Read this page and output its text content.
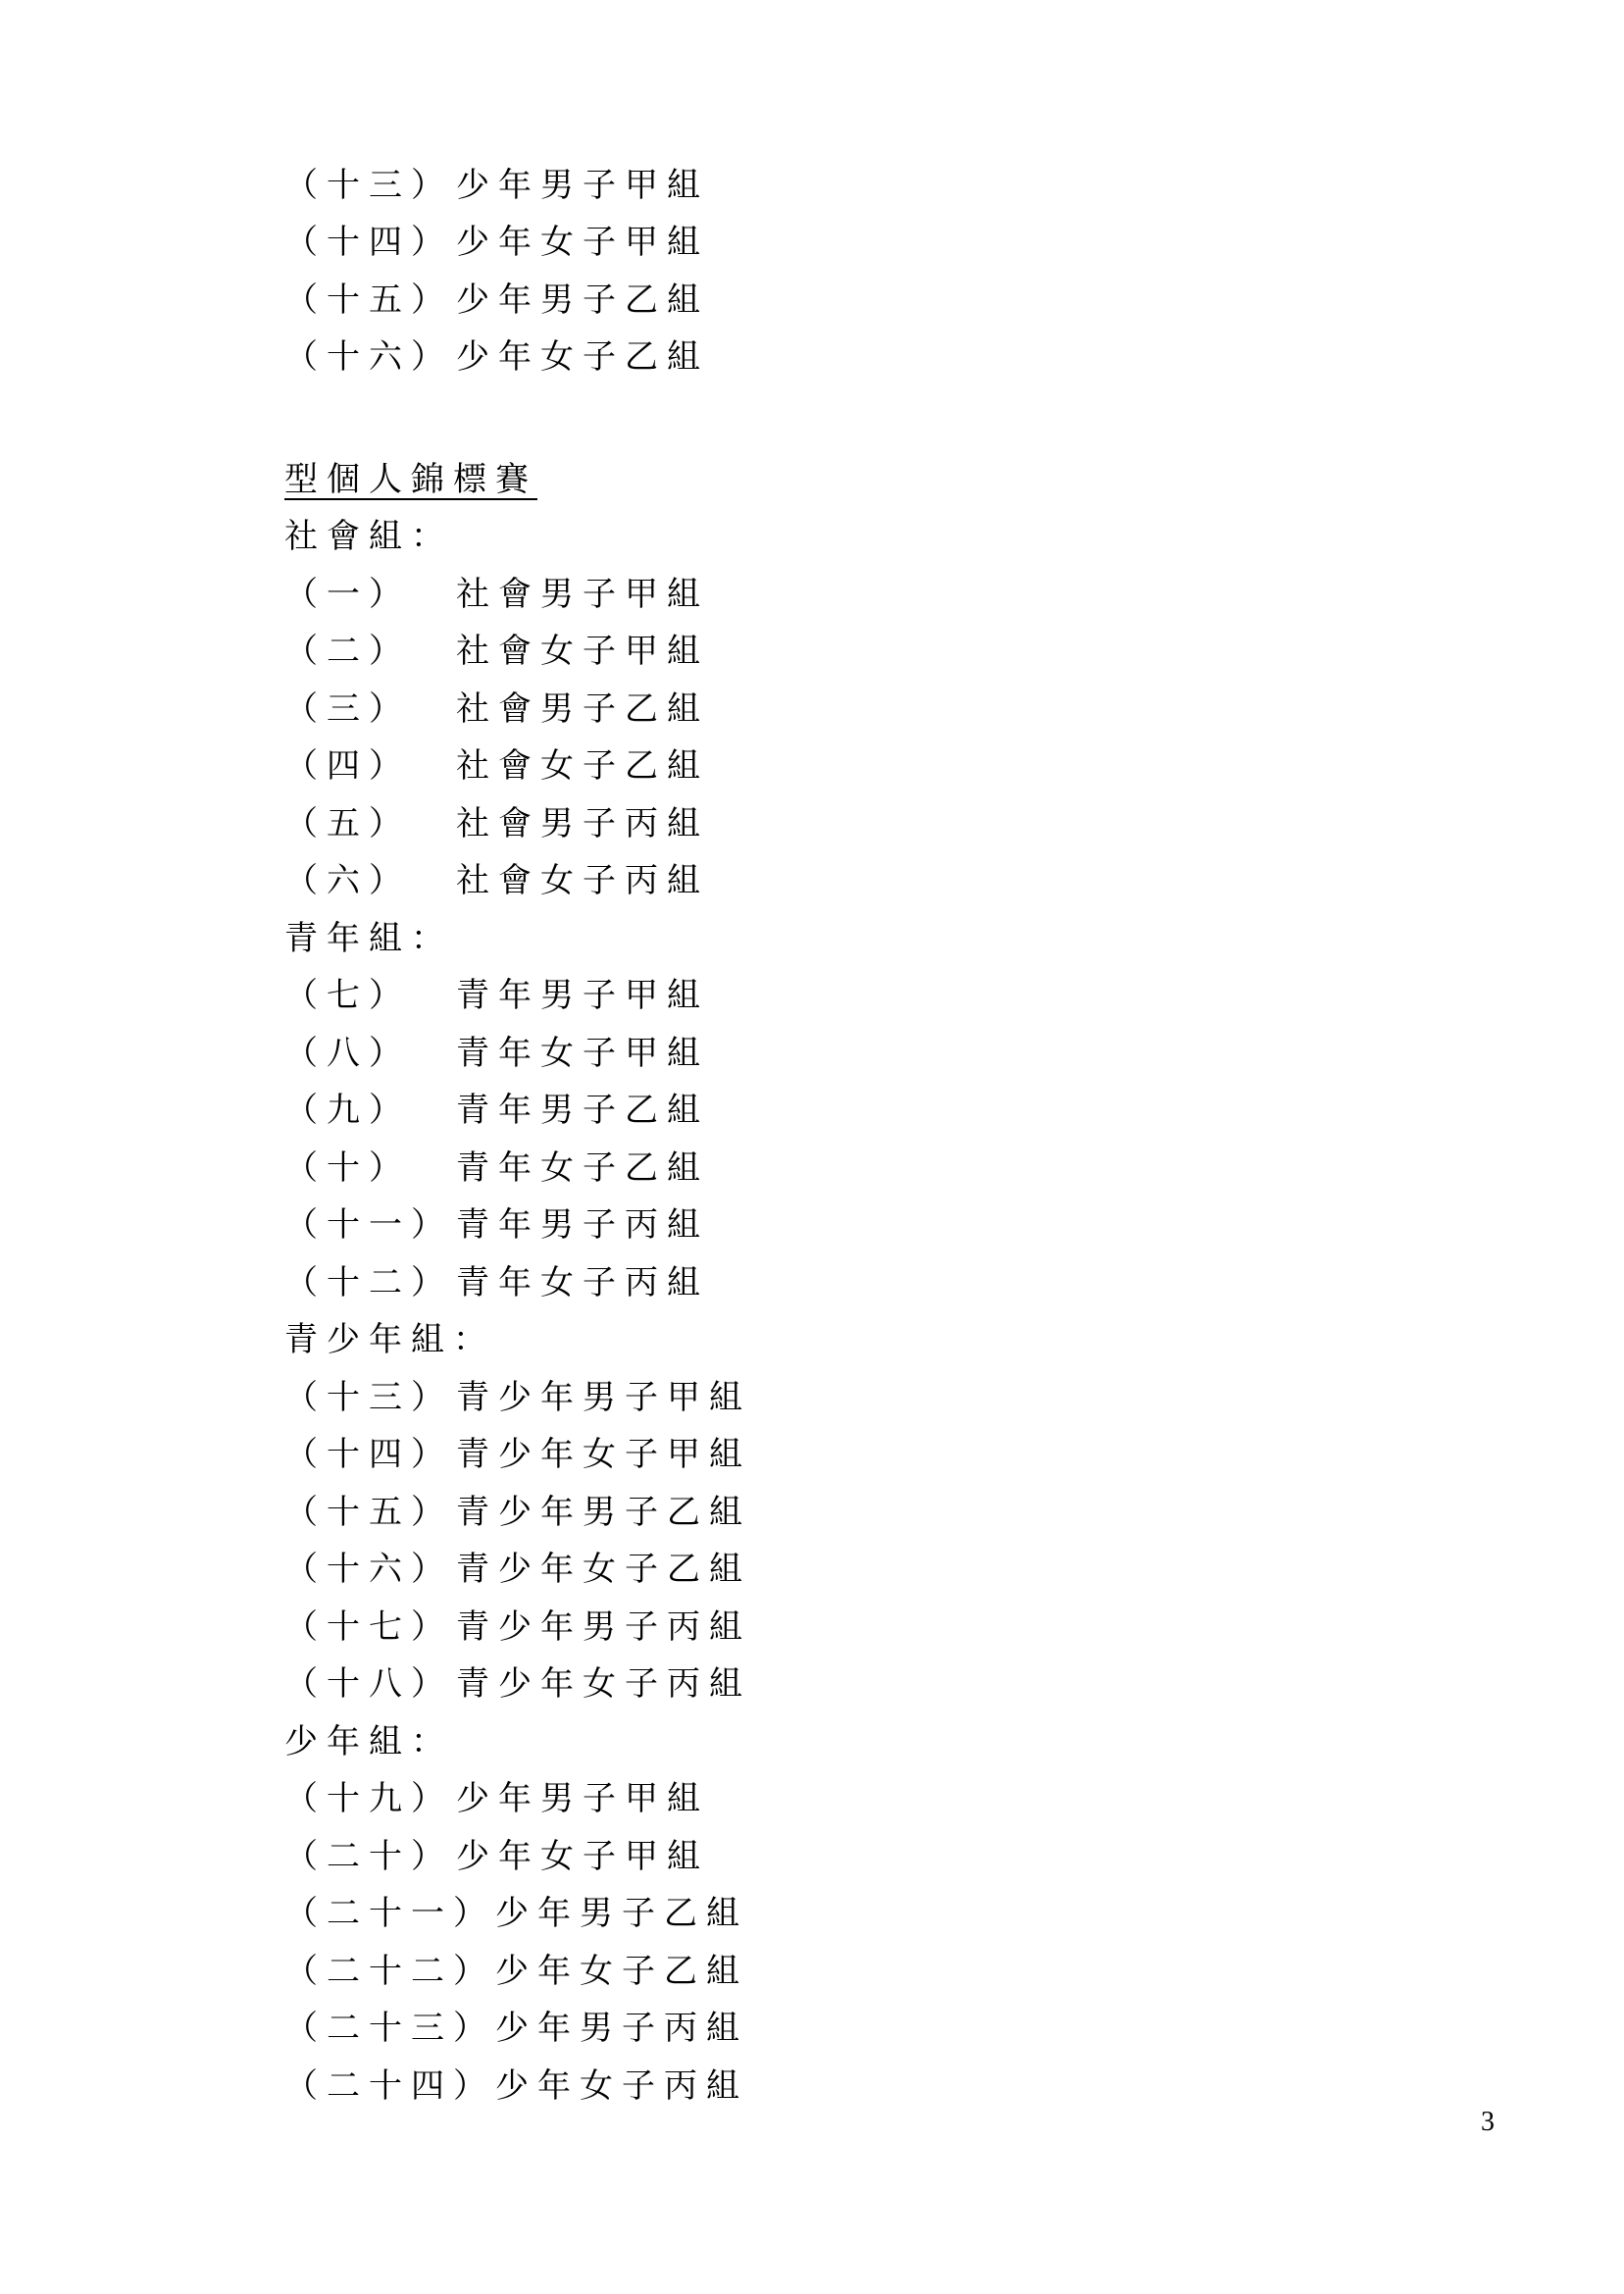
（十三） 少年男子甲組
（十四） 少年女子甲組
（十五） 少年男子乙組
（十六） 少年女子乙組
型個人錦標賽
社會組：
（一）	社會男子甲組
（二）	社會女子甲組
（三）	社會男子乙組
（四）	社會女子乙組
（五）	社會男子丙組
（六）	社會女子丙組
青年組：
（七）	青年男子甲組
（八）	青年女子甲組
（九）	青年男子乙組
（十）	青年女子乙組
（十一） 青年男子丙組
（十二） 青年女子丙組
青少年組：
（十三） 青少年男子甲組
（十四） 青少年女子甲組
（十五） 青少年男子乙組
（十六） 青少年女子乙組
（十七） 青少年男子丙組
（十八） 青少年女子丙組
少年組：
（十九） 少年男子甲組
（二十） 少年女子甲組
（二十一） 少年男子乙組
（二十二） 少年女子乙組
（二十三） 少年男子丙組
（二十四） 少年女子丙組
3
